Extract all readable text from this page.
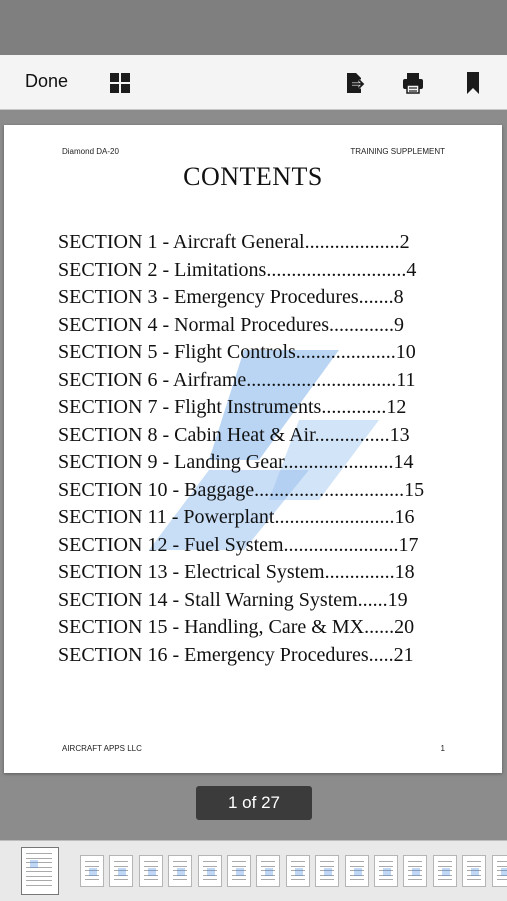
Done
Diamond DA-20	TRAINING SUPPLEMENT
CONTENTS
SECTION 1 - Aircraft General...................2
SECTION 2 - Limitations............................4
SECTION 3 - Emergency Procedures.......8
SECTION 4 - Normal Procedures.............9
SECTION 5 - Flight Controls....................10
SECTION 6 - Airframe..............................11
SECTION 7 - Flight Instruments.............12
SECTION 8 - Cabin Heat & Air...............13
SECTION 9 - Landing Gear......................14
SECTION 10 - Baggage..............................15
SECTION 11 - Powerplant........................16
SECTION 12 - Fuel System.......................17
SECTION 13 - Electrical System..............18
SECTION 14 - Stall Warning System......19
SECTION 15 - Handling, Care & MX......20
SECTION 16 - Emergency Procedures.....21
AIRCRAFT APPS LLC	1
1 of 27
